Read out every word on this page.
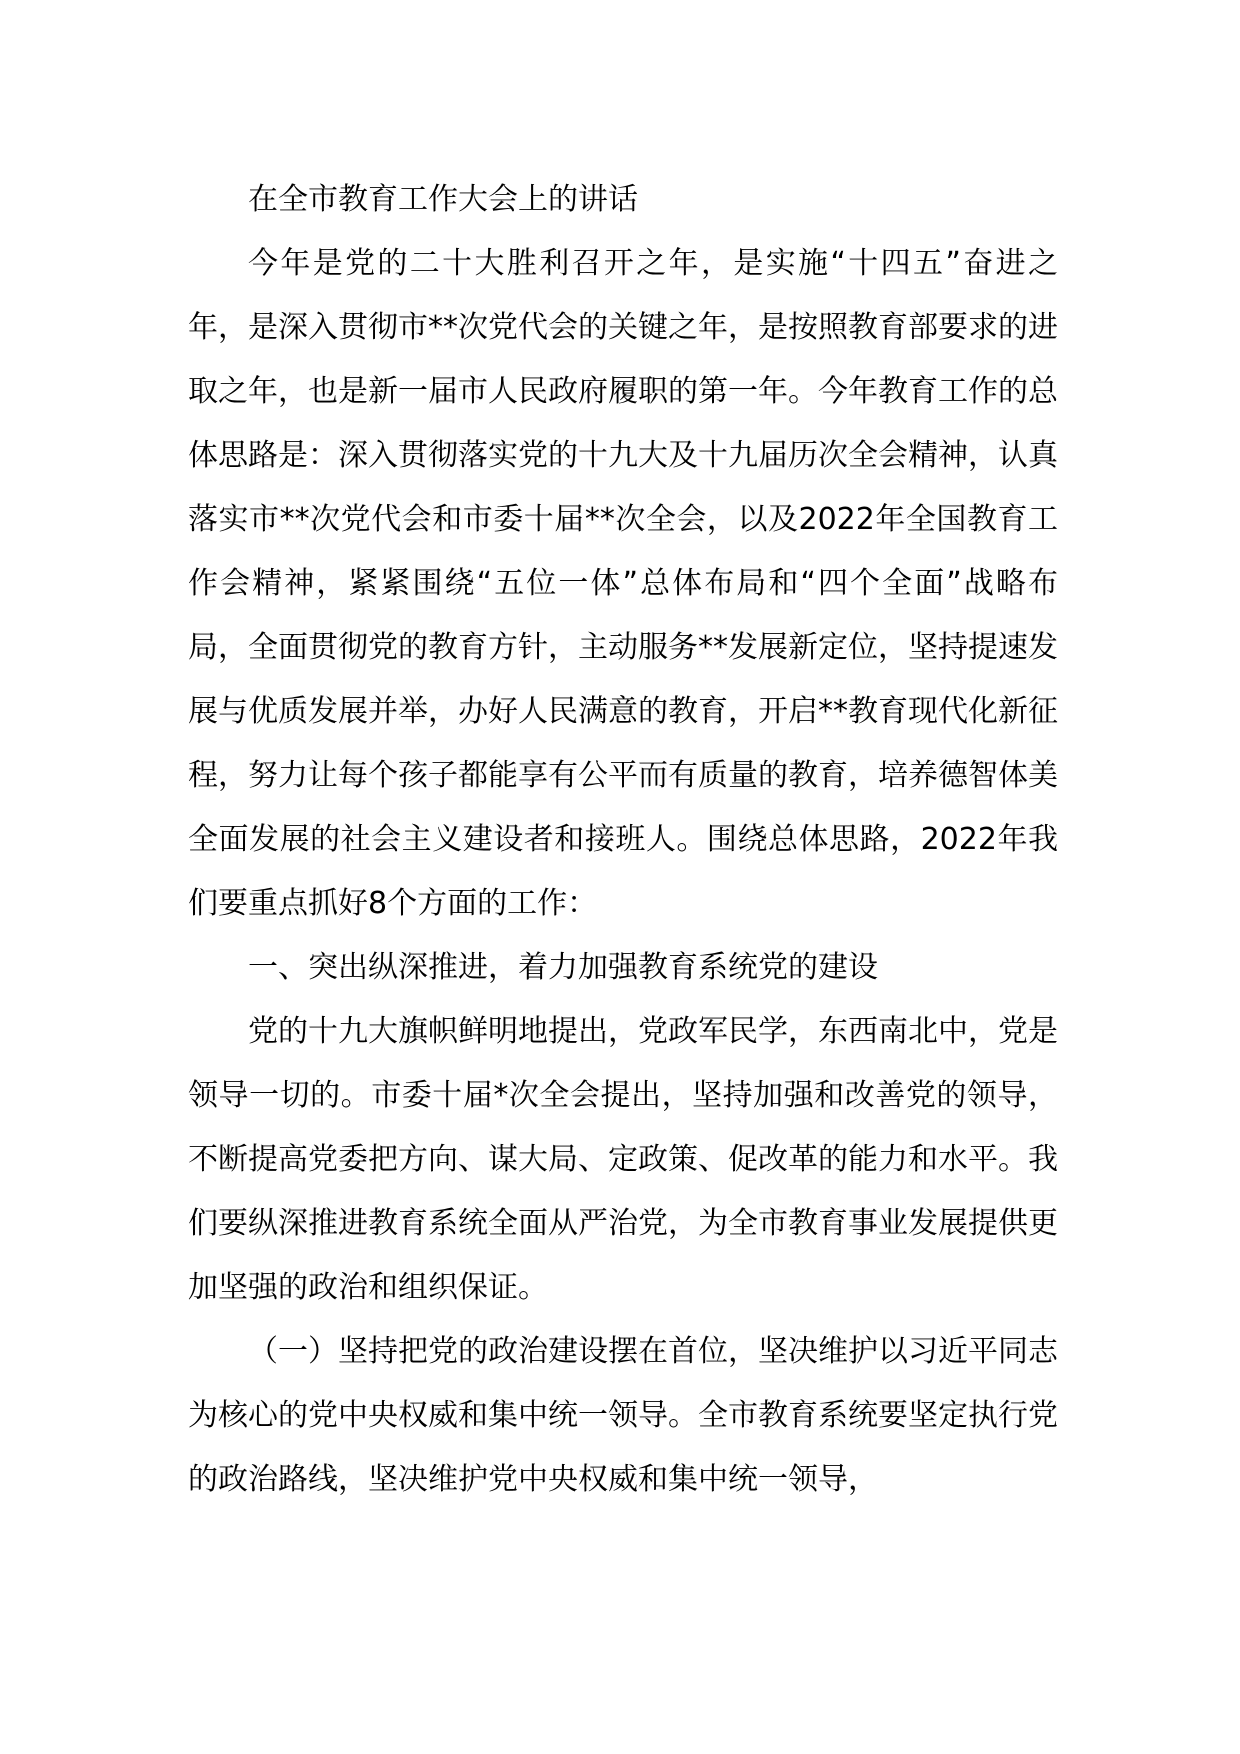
在全市教育工作大会上的讲话

今年是党的二十大胜利召开之年，是实施“十四五”奋进之年，是深入贯彻市**次党代会的关键之年，是按照教育部要求的进取之年，也是新一届市人民政府履职的第一年。今年教育工作的总体思路是：深入贯彻落实党的十九大及十九届历次全会精神，认真落实市**次党代会和市委十届**次全会，以及2022年全国教育工作会精神，紧紧围绕“五位一体”总体布局和“四个全面”战略布局，全面贯彻党的教育方针，主动服务**发展新定位，坚持提速发展与优质发展并举，办好人民满意的教育，开启**教育现代化新征程，努力让每个孩子都能享有公平而有质量的教育，培养德智体美全面发展的社会主义建设者和接班人。围绕总体思路，2022年我们要重点抓好8个方面的工作：

一、突出纵深推进，着力加强教育系统党的建设

党的十九大旗帜鲜明地提出，党政军民学，东西南北中，党是领导一切的。市委十届*次全会提出，坚持加强和改善党的领导，不断提高党委把方向、谋大局、定政策、促改革的能力和水平。我们要纵深推进教育系统全面从严治党，为全市教育事业发展提供更加坚强的政治和组织保证。

（一）坚持把党的政治建设摆在首位，坚决维护以习近平同志为核心的党中央权威和集中统一领导。全市教育系统要坚定执行党的政治路线，坚决维护党中央权威和集中统一领导，
